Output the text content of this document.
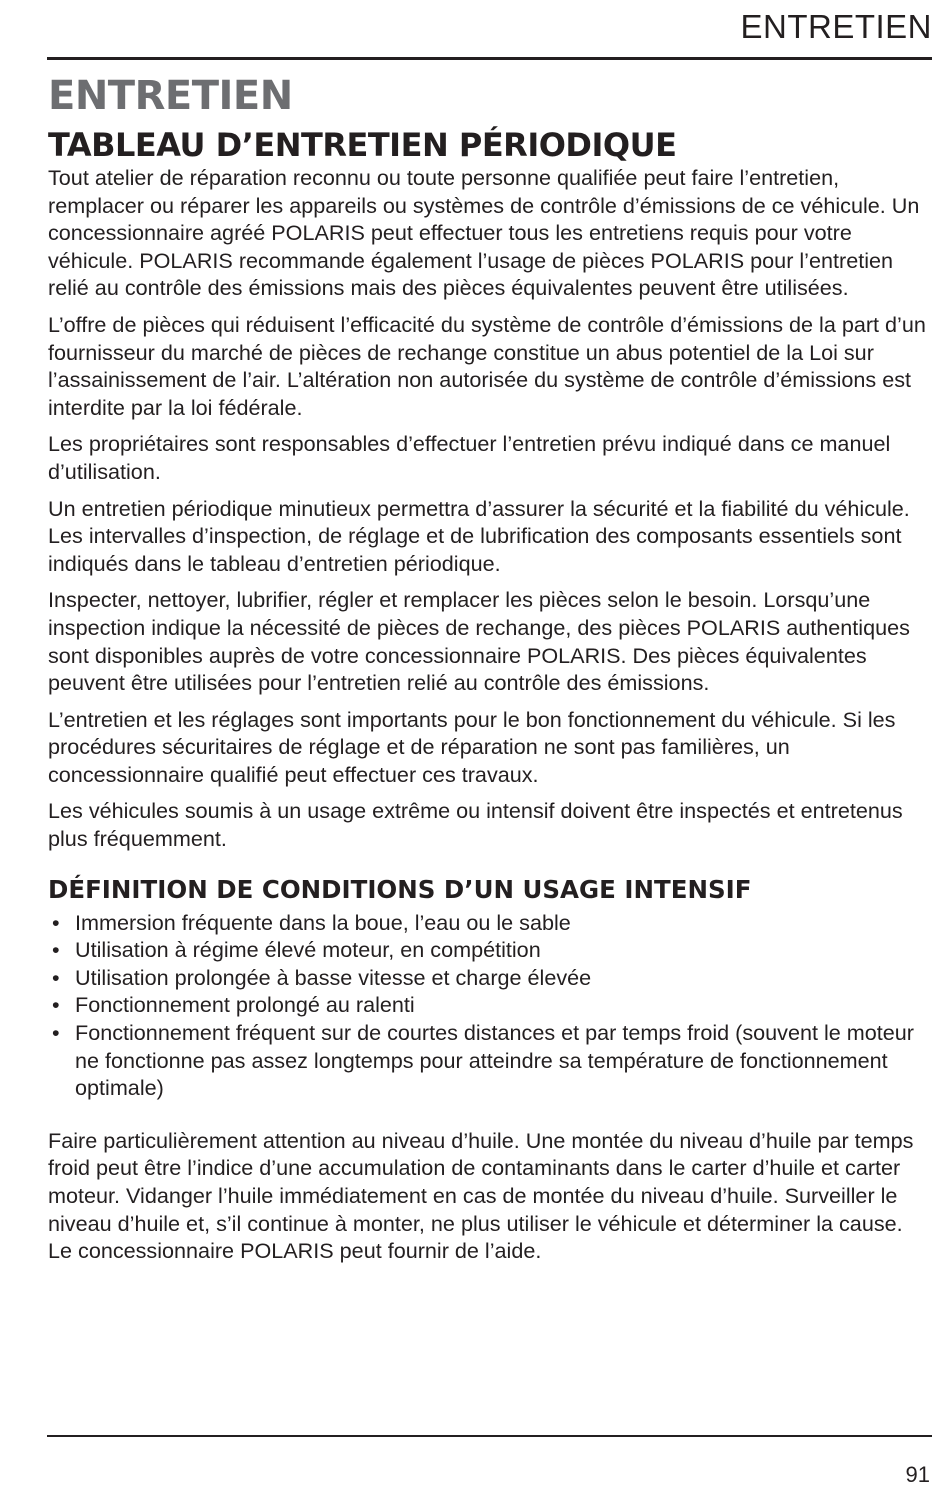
ENTRETIEN
ENTRETIEN
TABLEAU D’ENTRETIEN PÉRIODIQUE

Tout atelier de réparation reconnu ou toute personne qualifiée peut faire l’entretien, remplacer ou réparer les appareils ou systèmes de contrôle d’émissions de ce véhicule. Un concessionnaire agréé POLARIS peut effectuer tous les entretiens requis pour votre véhicule. POLARIS recommande également l’usage de pièces POLARIS pour l’entretien relié au contrôle des émissions mais des pièces équivalentes peuvent être utilisées.

L’offre de pièces qui réduisent l’efficacité du système de contrôle d’émissions de la part d’un fournisseur du marché de pièces de rechange constitue un abus potentiel de la Loi sur l’assainissement de l’air. L’altération non autorisée du système de contrôle d’émissions est interdite par la loi fédérale.

Les propriétaires sont responsables d’effectuer l’entretien prévu indiqué dans ce manuel d’utilisation.

Un entretien périodique minutieux permettra d’assurer la sécurité et la fiabilité du véhicule. Les intervalles d’inspection, de réglage et de lubrification des composants essentiels sont indiqués dans le tableau d’entretien périodique.

Inspecter, nettoyer, lubrifier, régler et remplacer les pièces selon le besoin. Lorsqu’une inspection indique la nécessité de pièces de rechange, des pièces POLARIS authentiques sont disponibles auprès de votre concessionnaire POLARIS. Des pièces équivalentes peuvent être utilisées pour l’entretien relié au contrôle des émissions.

L’entretien et les réglages sont importants pour le bon fonctionnement du véhicule. Si les procédures sécuritaires de réglage et de réparation ne sont pas familières, un concessionnaire qualifié peut effectuer ces travaux.

Les véhicules soumis à un usage extrême ou intensif doivent être inspectés et entretenus plus fréquemment.

DÉFINITION DE CONDITIONS D’UN USAGE INTENSIF
• Immersion fréquente dans la boue, l’eau ou le sable
• Utilisation à régime élevé moteur, en compétition
• Utilisation prolongée à basse vitesse et charge élevée
• Fonctionnement prolongé au ralenti
• Fonctionnement fréquent sur de courtes distances et par temps froid (souvent le moteur ne fonctionne pas assez longtemps pour atteindre sa température de fonctionnement optimale)

Faire particulièrement attention au niveau d’huile. Une montée du niveau d’huile par temps froid peut être l’indice d’une accumulation de contaminants dans le carter d’huile et carter moteur. Vidanger l’huile immédiatement en cas de montée du niveau d’huile. Surveiller le niveau d’huile et, s’il continue à monter, ne plus utiliser le véhicule et déterminer la cause. Le concessionnaire POLARIS peut fournir de l’aide.

91
